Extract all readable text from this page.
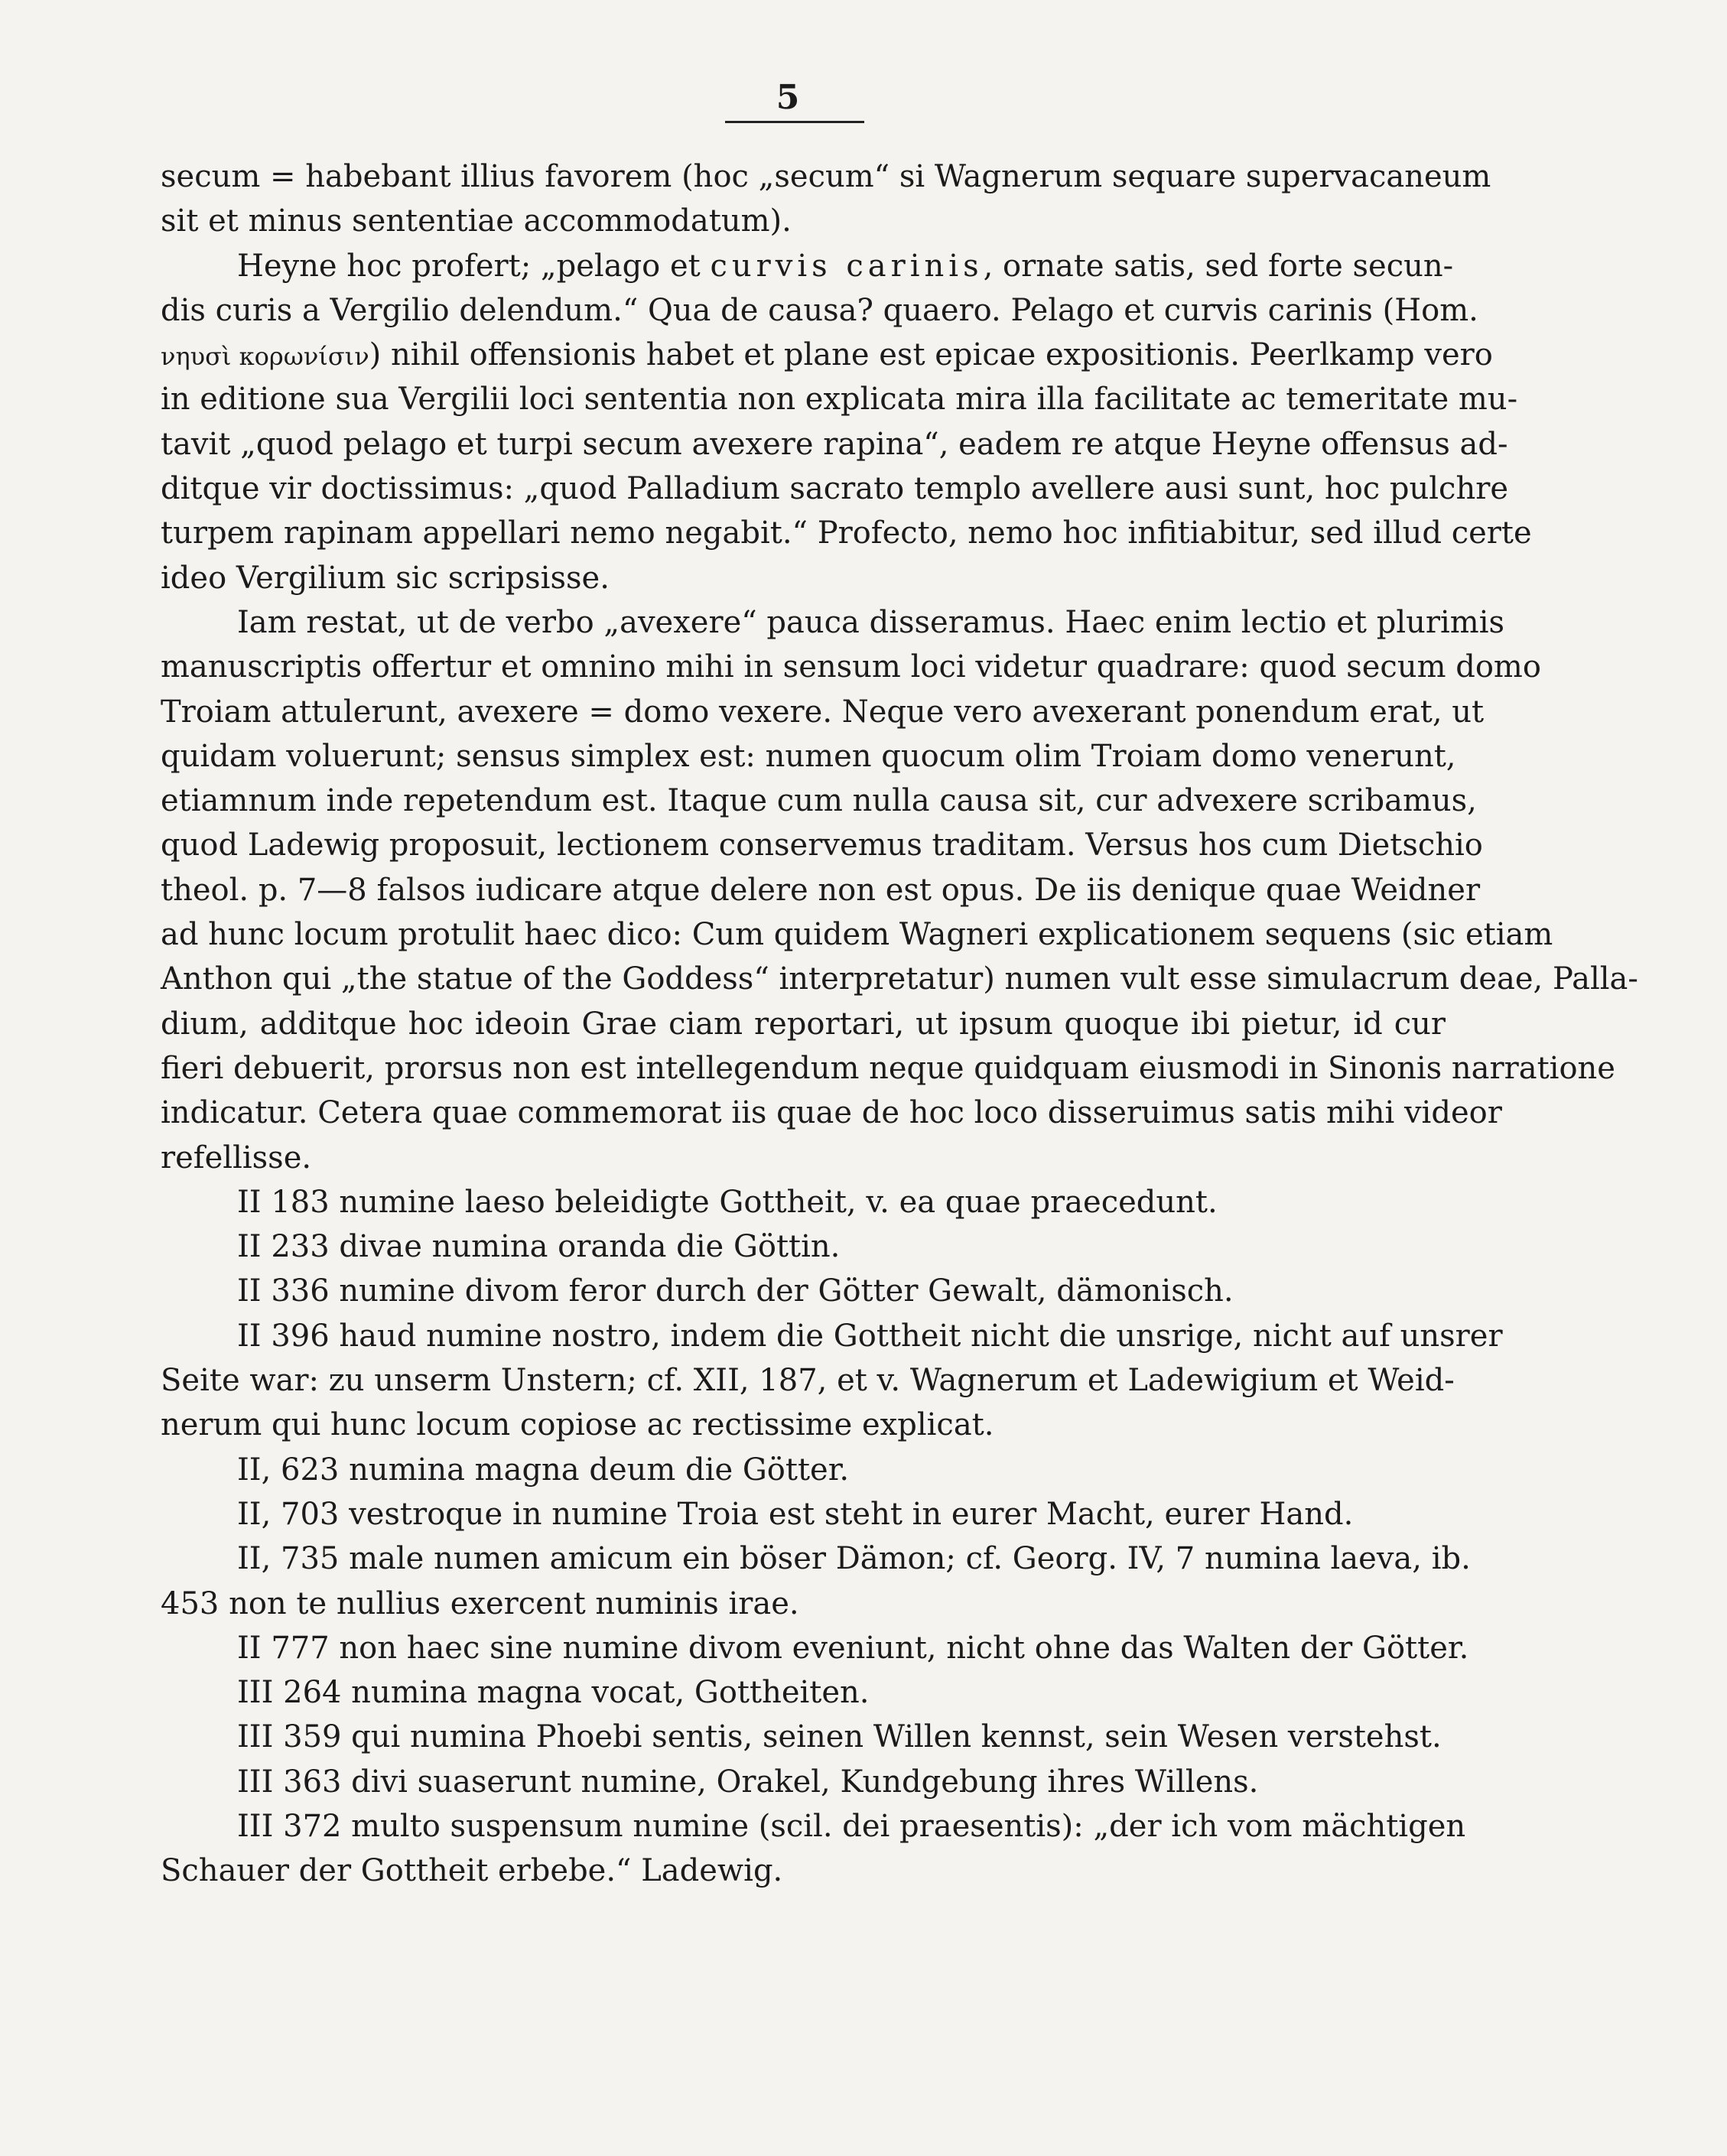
5
secum = habebant illius favorem (hoc „secum“ si Wagnerum sequare supervacaneum
sit et minus sententiae accommodatum).
Heyne hoc profert; „pelago et curvis carinis, ornate satis, sed forte secun-
dis curis a Vergilio delendum.“ Qua de causa? quaero. Pelago et curvis carinis (Hom.
νηυσὶ κορωνίσιν) nihil offensionis habet et plane est epicae expositionis. Peerlkamp vero
in editione sua Vergilii loci sententia non explicata mira illa facilitate ac temeritate mu-
tavit „quod pelago et turpi secum avexere rapina“, eadem re atque Heyne offensus ad-
ditque vir doctissimus: „quod Palladium sacrato templo avellere ausi sunt, hoc pulchre
turpem rapinam appellari nemo negabit.“ Profecto, nemo hoc infitiabitur, sed illud certe
ideo Vergilium sic scripsisse.
Iam restat, ut de verbo „avexere“ pauca disseramus. Haec enim lectio et plurimis
manuscriptis offertur et omnino mihi in sensum loci videtur quadrare: quod secum domo
Troiam attulerunt, avexere = domo vexere. Neque vero avexerant ponendum erat, ut
quidam voluerunt; sensus simplex est: numen quocum olim Troiam domo venerunt,
etiamnum inde repetendum est. Itaque cum nulla causa sit, cur advexere scribamus,
quod Ladewig proposuit, lectionem conservemus traditam. Versus hos cum Dietschio
theol. p. 7—8 falsos iudicare atque delere non est opus. De iis denique quae Weidner
ad hunc locum protulit haec dico: Cum quidem Wagneri explicationem sequens (sic etiam
Anthon qui „the statue of the Goddess“ interpretatur) numen vult esse simulacrum deae, Palla-
dium, additque hoc ideoin Grae ciam reportari, ut ipsum quoque ibi pietur, id cur
fieri debuerit, prorsus non est intellegendum neque quidquam eiusmodi in Sinonis narratione
indicatur. Cetera quae commemorat iis quae de hoc loco disseruimus satis mihi videor
refellisse.
II 183 numine laeso beleidigte Gottheit, v. ea quae praecedunt.
II 233 divae numina oranda die Göttin.
II 336 numine divom feror durch der Götter Gewalt, dämonisch.
II 396 haud numine nostro, indem die Gottheit nicht die unsrige, nicht auf unsrer
Seite war: zu unserm Unstern; cf. XII, 187, et v. Wagnerum et Ladewigium et Weid-
nerum qui hunc locum copiose ac rectissime explicat.
II, 623 numina magna deum die Götter.
II, 703 vestroque in numine Troia est steht in eurer Macht, eurer Hand.
II, 735 male numen amicum ein böser Dämon; cf. Georg. IV, 7 numina laeva, ib.
453 non te nullius exercent numinis irae.
II 777 non haec sine numine divom eveniunt, nicht ohne das Walten der Götter.
III 264 numina magna vocat, Gottheiten.
III 359 qui numina Phoebi sentis, seinen Willen kennst, sein Wesen verstehst.
III 363 divi suaserunt numine, Orakel, Kundgebung ihres Willens.
III 372 multo suspensum numine (scil. dei praesentis): „der ich vom mächtigen
Schauer der Gottheit erbebe.“ Ladewig.
